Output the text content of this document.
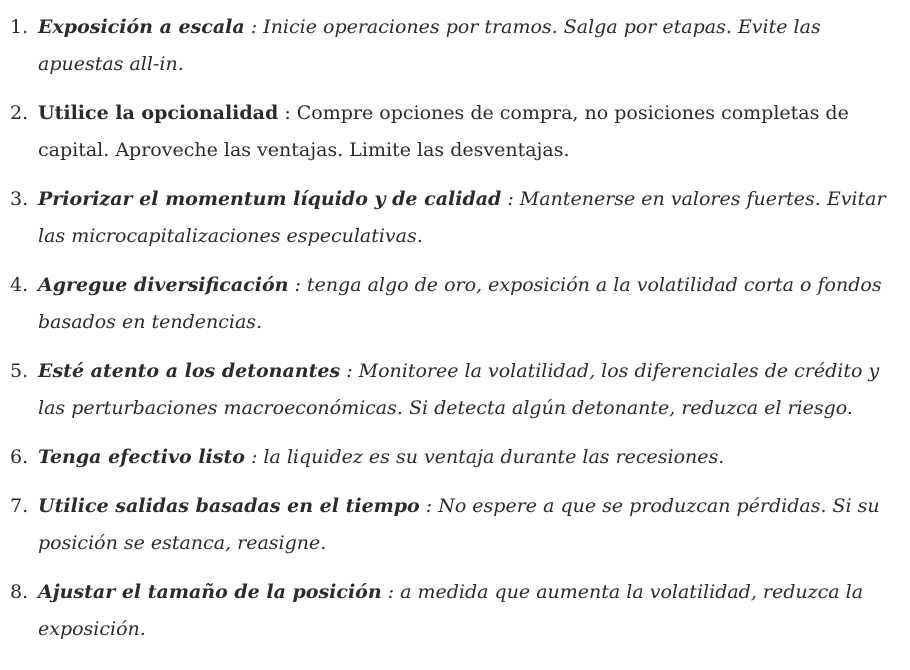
1. Exposición a escala : Inicie operaciones por tramos. Salga por etapas. Evite las apuestas all-in.
2. Utilice la opcionalidad : Compre opciones de compra, no posiciones completas de capital. Aproveche las ventajas. Limite las desventajas.
3. Priorizar el momentum líquido y de calidad : Mantenerse en valores fuertes. Evitar las microcapitalizaciones especulativas.
4. Agregue diversificación : tenga algo de oro, exposición a la volatilidad corta o fondos basados en tendencias.
5. Esté atento a los detonantes : Monitoree la volatilidad, los diferenciales de crédito y las perturbaciones macroeconómicas. Si detecta algún detonante, reduzca el riesgo.
6. Tenga efectivo listo : la liquidez es su ventaja durante las recesiones.
7. Utilice salidas basadas en el tiempo : No espere a que se produzcan pérdidas. Si su posición se estanca, reasigne.
8. Ajustar el tamaño de la posición : a medida que aumenta la volatilidad, reduzca la exposición.
